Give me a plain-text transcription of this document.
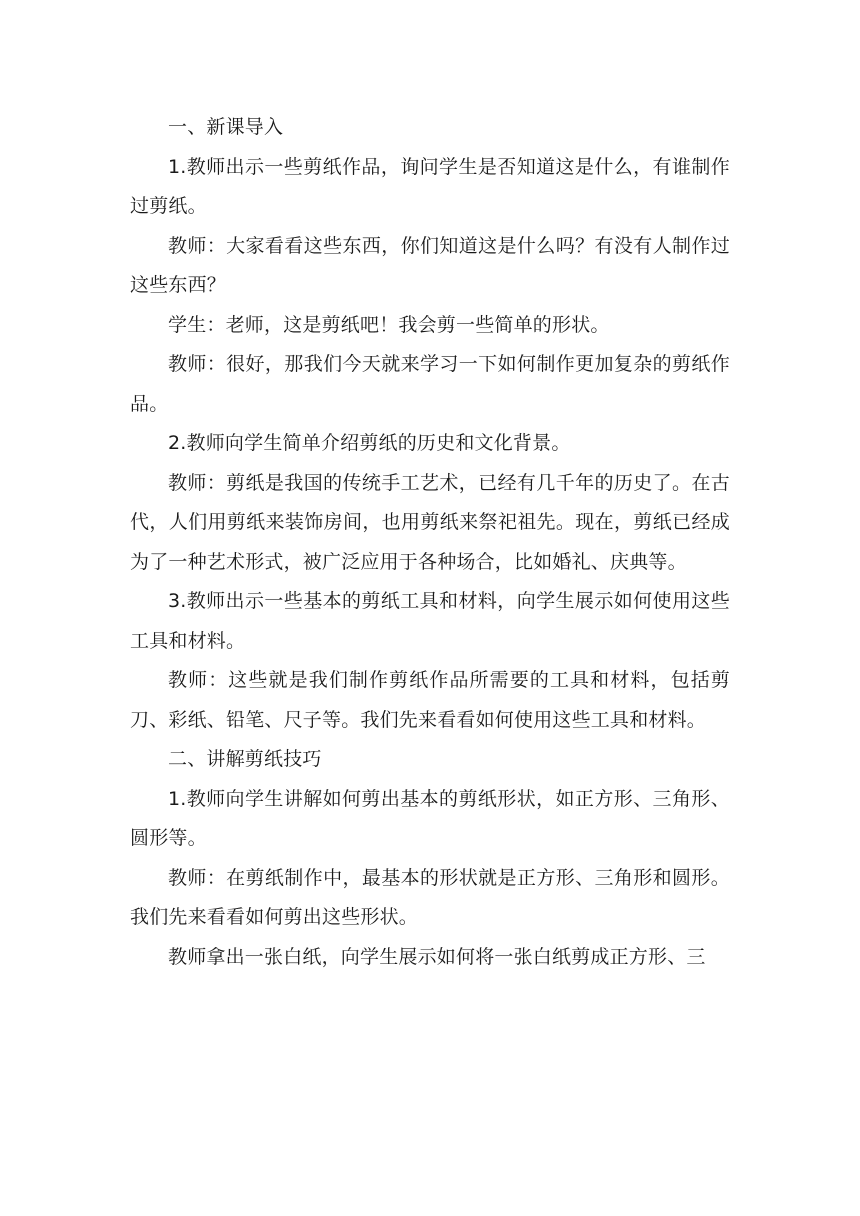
一、新课导入

1.教师出示一些剪纸作品，询问学生是否知道这是什么，有谁制作过剪纸。

教师：大家看看这些东西，你们知道这是什么吗？有没有人制作过这些东西？

学生：老师，这是剪纸吧！我会剪一些简单的形状。

教师：很好，那我们今天就来学习一下如何制作更加复杂的剪纸作品。

2.教师向学生简单介绍剪纸的历史和文化背景。

教师：剪纸是我国的传统手工艺术，已经有几千年的历史了。在古代，人们用剪纸来装饰房间，也用剪纸来祭祀祖先。现在，剪纸已经成为了一种艺术形式，被广泛应用于各种场合，比如婚礼、庆典等。

3.教师出示一些基本的剪纸工具和材料，向学生展示如何使用这些工具和材料。

教师：这些就是我们制作剪纸作品所需要的工具和材料，包括剪刀、彩纸、铅笔、尺子等。我们先来看看如何使用这些工具和材料。

二、讲解剪纸技巧

1.教师向学生讲解如何剪出基本的剪纸形状，如正方形、三角形、圆形等。

教师：在剪纸制作中，最基本的形状就是正方形、三角形和圆形。我们先来看看如何剪出这些形状。

教师拿出一张白纸，向学生展示如何将一张白纸剪成正方形、三
